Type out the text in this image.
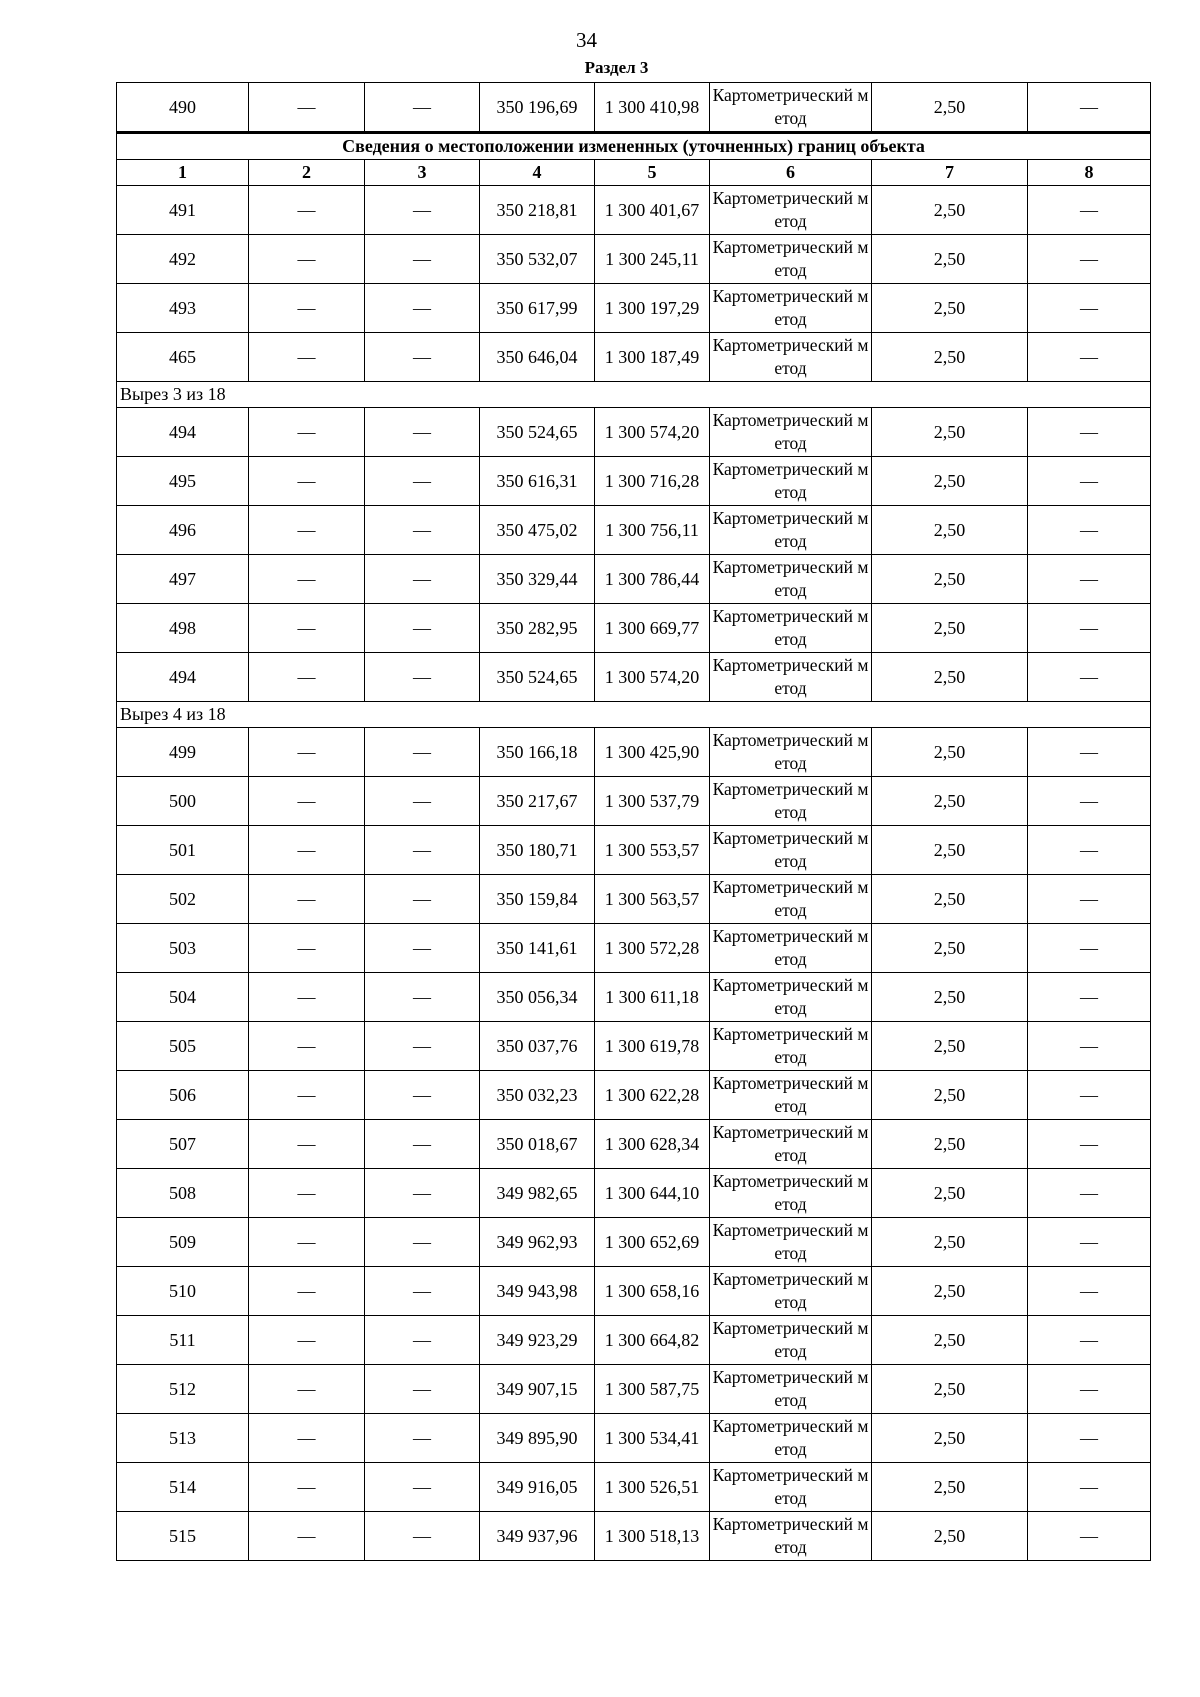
34
Раздел 3
490	—	—	350 196,69	1 300 410,98	Картометрический метод	2,50	—
Сведения о местоположении измененных (уточненных) границ объекта							
1	2	3	4	5	6	7	8
491	—	—	350 218,81	1 300 401,67	Картометрический метод	2,50	—
492	—	—	350 532,07	1 300 245,11	Картометрический метод	2,50	—
493	—	—	350 617,99	1 300 197,29	Картометрический метод	2,50	—
465	—	—	350 646,04	1 300 187,49	Картометрический метод	2,50	—
Вырез 3 из 18							
494	—	—	350 524,65	1 300 574,20	Картометрический метод	2,50	—
495	—	—	350 616,31	1 300 716,28	Картометрический метод	2,50	—
496	—	—	350 475,02	1 300 756,11	Картометрический метод	2,50	—
497	—	—	350 329,44	1 300 786,44	Картометрический метод	2,50	—
498	—	—	350 282,95	1 300 669,77	Картометрический метод	2,50	—
494	—	—	350 524,65	1 300 574,20	Картометрический метод	2,50	—
Вырез 4 из 18							
499	—	—	350 166,18	1 300 425,90	Картометрический метод	2,50	—
500	—	—	350 217,67	1 300 537,79	Картометрический метод	2,50	—
501	—	—	350 180,71	1 300 553,57	Картометрический метод	2,50	—
502	—	—	350 159,84	1 300 563,57	Картометрический метод	2,50	—
503	—	—	350 141,61	1 300 572,28	Картометрический метод	2,50	—
504	—	—	350 056,34	1 300 611,18	Картометрический метод	2,50	—
505	—	—	350 037,76	1 300 619,78	Картометрический метод	2,50	—
506	—	—	350 032,23	1 300 622,28	Картометрический метод	2,50	—
507	—	—	350 018,67	1 300 628,34	Картометрический метод	2,50	—
508	—	—	349 982,65	1 300 644,10	Картометрический метод	2,50	—
509	—	—	349 962,93	1 300 652,69	Картометрический метод	2,50	—
510	—	—	349 943,98	1 300 658,16	Картометрический метод	2,50	—
511	—	—	349 923,29	1 300 664,82	Картометрический метод	2,50	—
512	—	—	349 907,15	1 300 587,75	Картометрический метод	2,50	—
513	—	—	349 895,90	1 300 534,41	Картометрический метод	2,50	—
514	—	—	349 916,05	1 300 526,51	Картометрический метод	2,50	—
515	—	—	349 937,96	1 300 518,13	Картометрический метод	2,50	—
